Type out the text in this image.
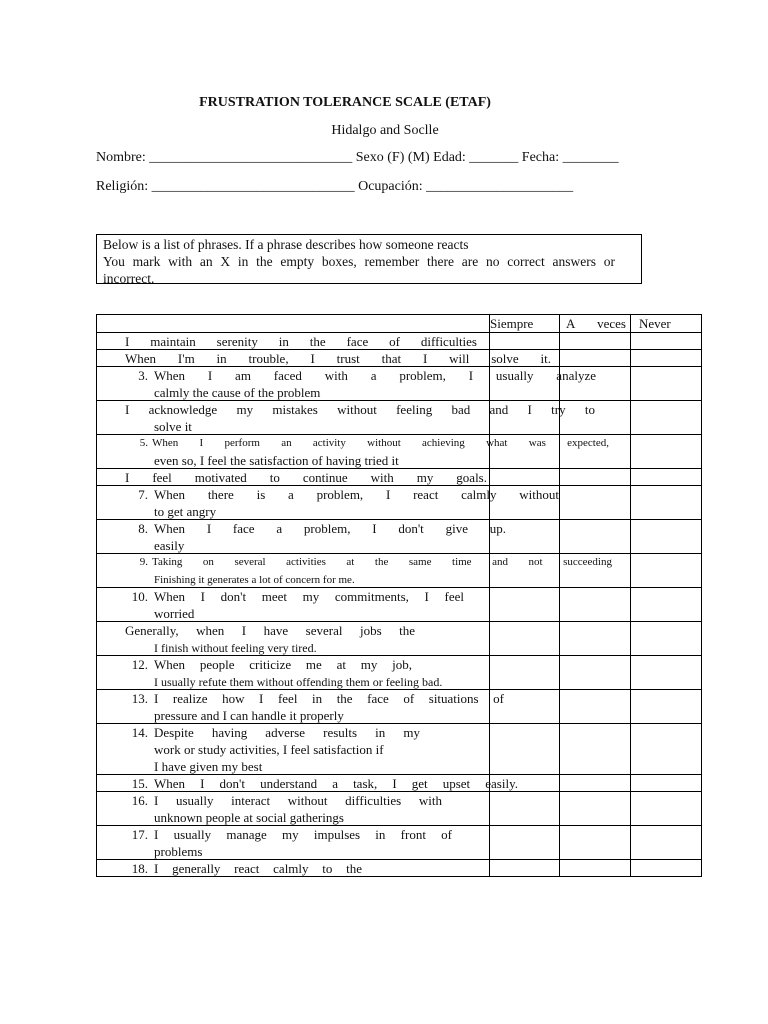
FRUSTRATION TOLERANCE SCALE (ETAF)
Hidalgo and Soclle
Nombre: _____________________________ Sexo (F) (M) Edad: _______ Fecha: ________
Religión: _____________________________ Ocupación: _____________________
Below is a list of phrases. If a phrase describes how someone reacts
You mark with an X in the empty boxes, remember there are no correct answers or
incorrect.
	Siempre	A veces	Never

I maintain serenity in the face of difficulties			

When I'm in trouble, I trust that I will solve it.			

3. When I am faced with a problem, I usually analyze
calmly the cause of the problem			

I acknowledge my mistakes without feeling bad and I try to
solve it			

5. When I perform an activity without achieving what was expected,
even so, I feel the satisfaction of having tried it			

I feel motivated to continue with my goals.			

7. When there is a problem, I react calmly without
to get angry			

8. When I face a problem, I don't give up.
easily			

9. Taking on several activities at the same time and not succeeding
Finishing it generates a lot of concern for me.			

10. When I don't meet my commitments, I feel
worried			

Generally, when I have several jobs the
I finish without feeling very tired.			

12. When people criticize me at my job,
I usually refute them without offending them or feeling bad.			

13. I realize how I feel in the face of situations of
pressure and I can handle it properly			

14. Despite having adverse results in my
work or study activities, I feel satisfaction if
I have given my best			

15. When I don't understand a task, I get upset easily.			

16. I usually interact without difficulties with
unknown people at social gatherings			

17. I usually manage my impulses in front of
problems			

18. I generally react calmly to the			
